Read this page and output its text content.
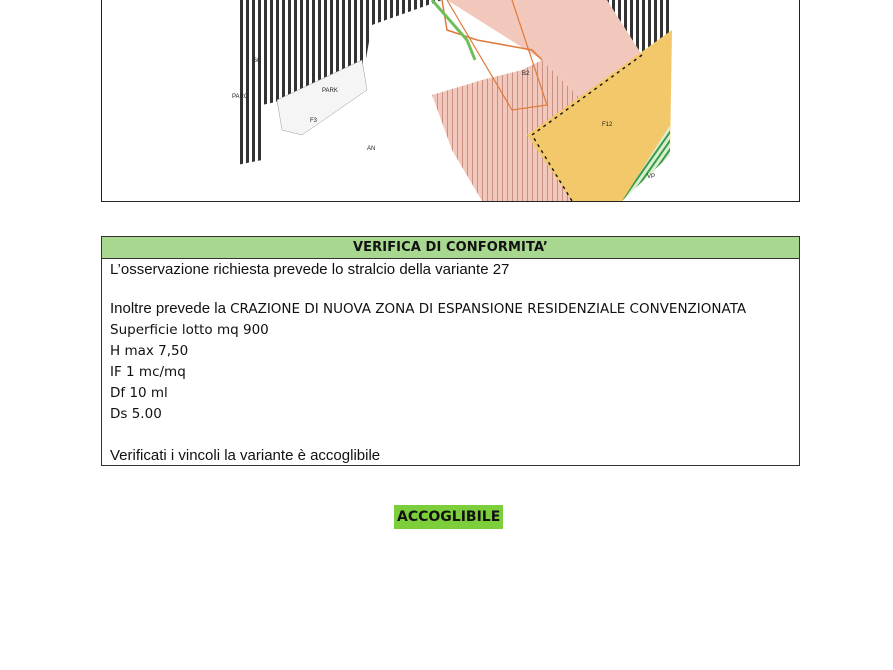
SC
PARC
PARK
F3
F12
AN
B2
VP
VERIFICA DI CONFORMITA’
L’osservazione richiesta prevede lo stralcio della variante 27
Inoltre prevede la CRAZIONE DI NUOVA ZONA DI ESPANSIONE RESIDENZIALE CONVENZIONATA
Superficie lotto mq 900
H max 7,50
IF 1 mc/mq
Df 10 ml
Ds 5.00
Verificati i vincoli la variante è accoglibile
ACCOGLIBILE
